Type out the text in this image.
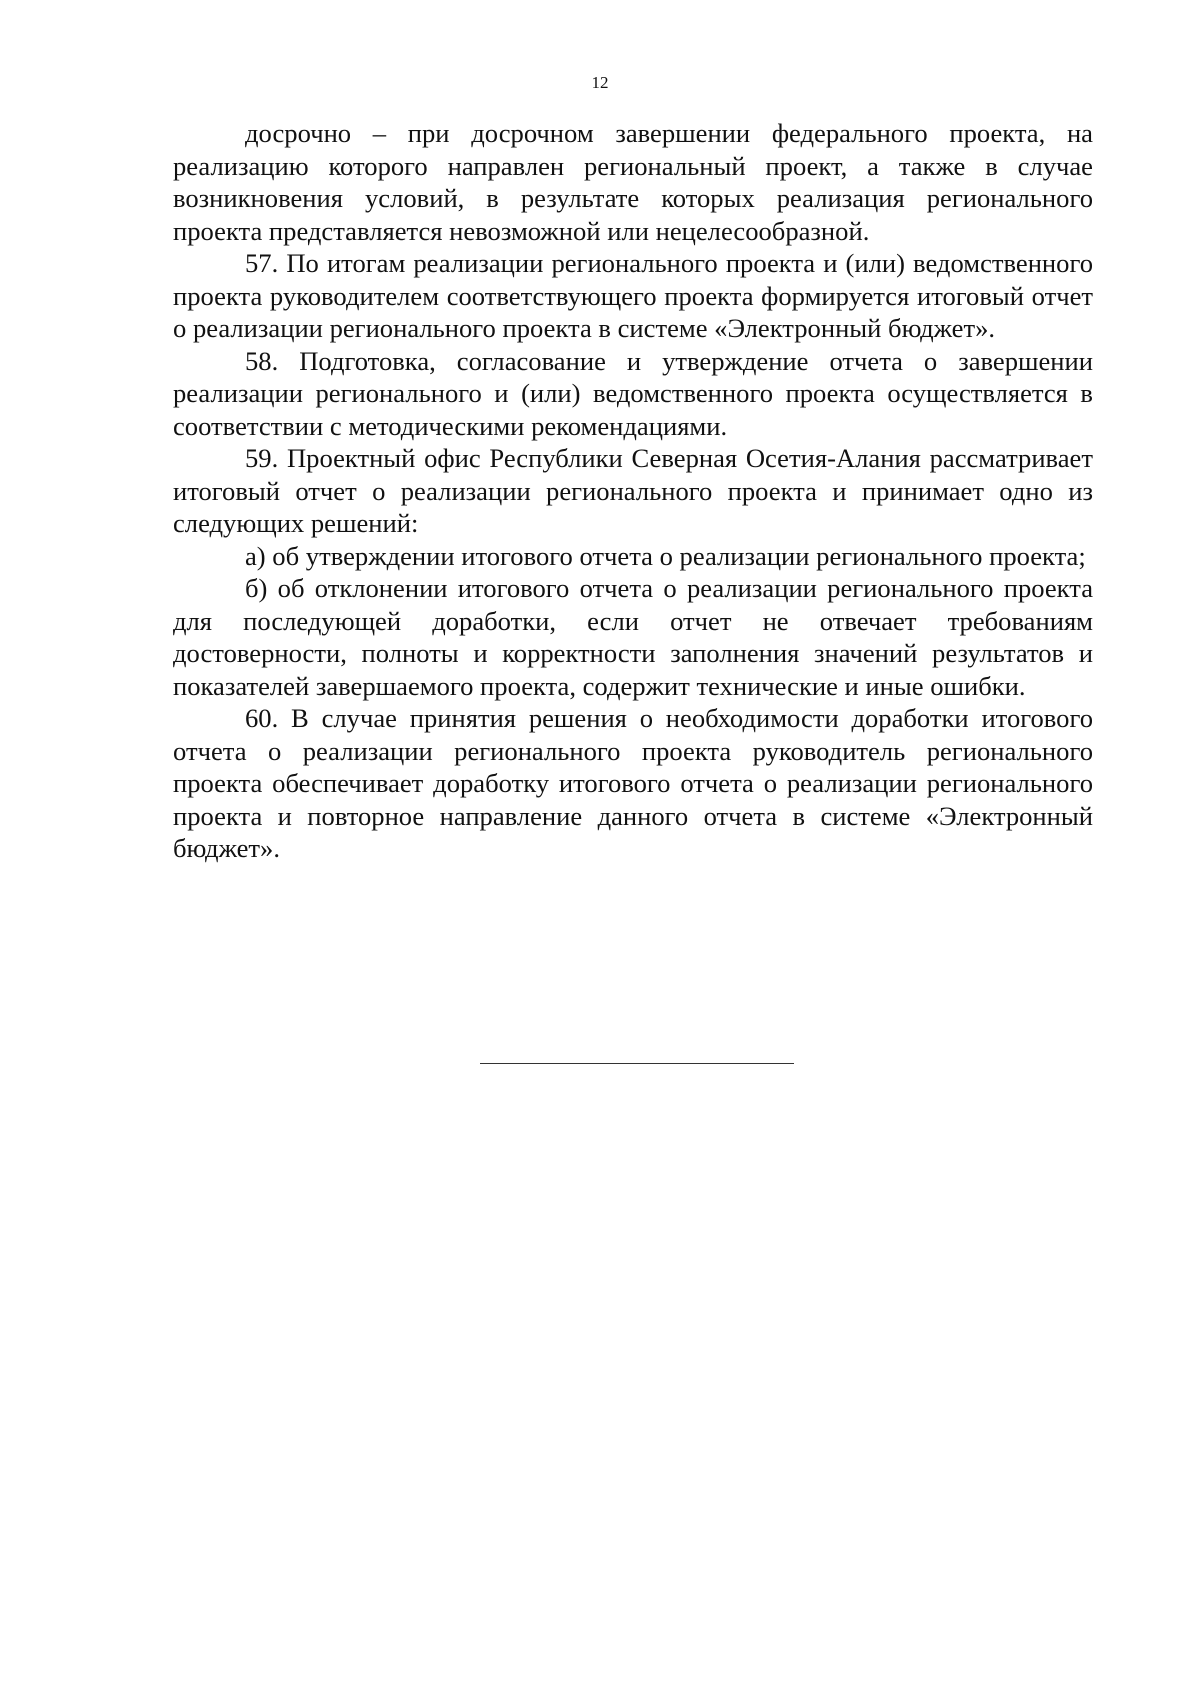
12

досрочно – при досрочном завершении федерального проекта, на реализацию которого направлен региональный проект, а также в случае возникновения условий, в результате которых реализация регионального проекта представляется невозможной или нецелесообразной.

57. По итогам реализации регионального проекта и (или) ведомственного проекта руководителем соответствующего проекта формируется итоговый отчет о реализации регионального проекта в системе «Электронный бюджет».

58. Подготовка, согласование и утверждение отчета о завершении реализации регионального и (или) ведомственного проекта осуществляется в соответствии с методическими рекомендациями.

59. Проектный офис Республики Северная Осетия-Алания рассматривает итоговый отчет о реализации регионального проекта и принимает одно из следующих решений:

а) об утверждении итогового отчета о реализации регионального проекта;

б) об отклонении итогового отчета о реализации регионального проекта для последующей доработки, если отчет не отвечает требованиям достоверности, полноты и корректности заполнения значений результатов и показателей завершаемого проекта, содержит технические и иные ошибки.

60. В случае принятия решения о необходимости доработки итогового отчета о реализации регионального проекта руководитель регионального проекта обеспечивает доработку итогового отчета о реализации регионального проекта и повторное направление данного отчета в системе «Электронный бюджет».
